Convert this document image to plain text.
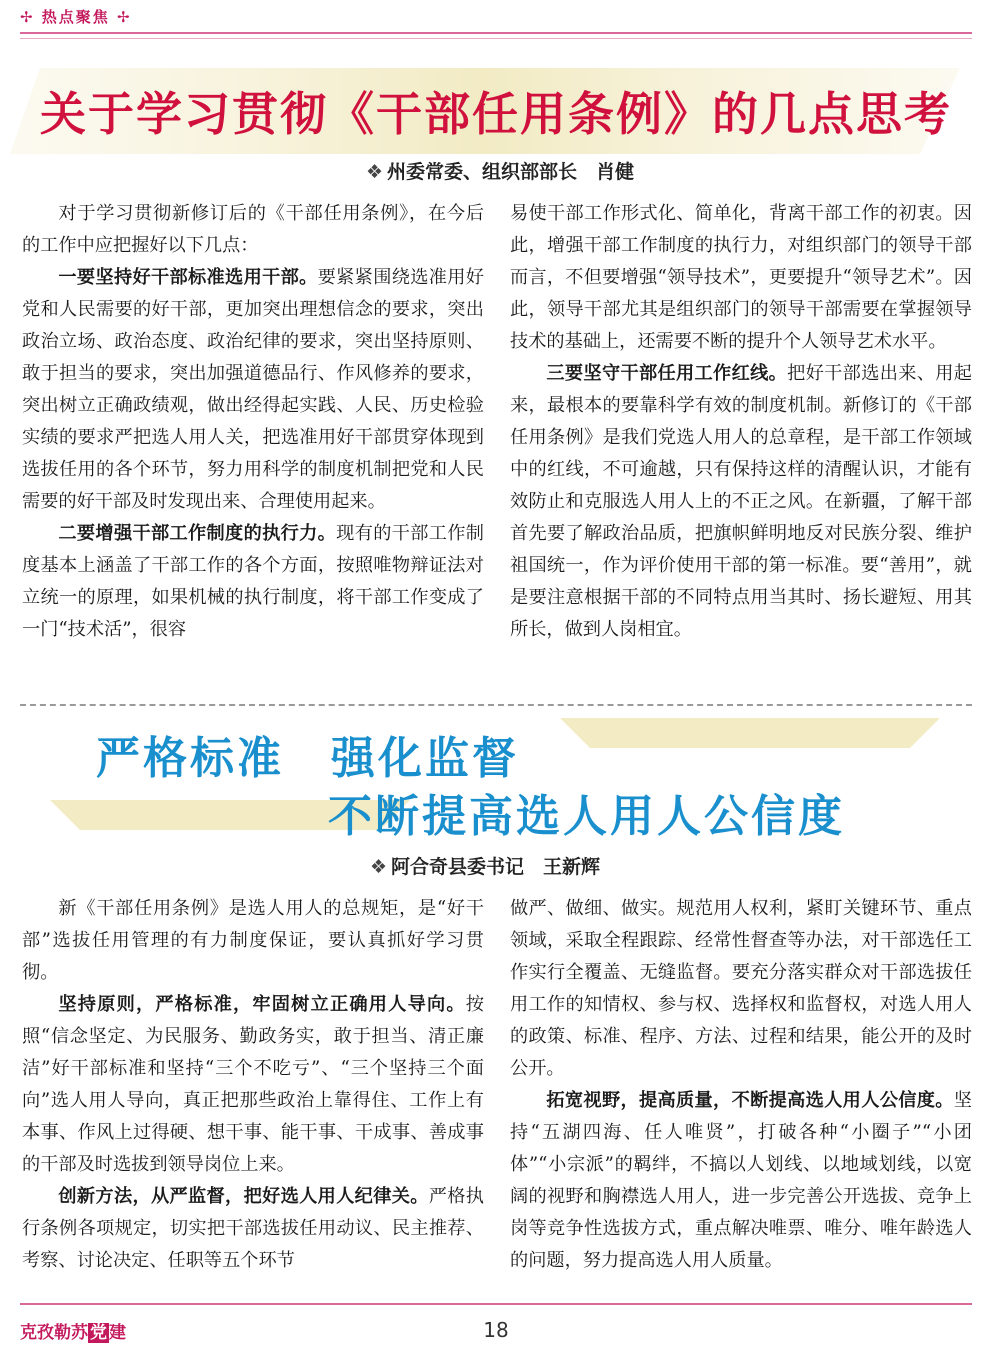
✢ 热点聚焦 ✢
关于学习贯彻《干部任用条例》的几点思考
❖ 州委常委、组织部部长　肖健

对于学习贯彻新修订后的《干部任用条例》，在今后的工作中应把握好以下几点：

一要坚持好干部标准选用干部。要紧紧围绕选准用好党和人民需要的好干部，更加突出理想信念的要求，突出政治立场、政治态度、政治纪律的要求，突出坚持原则、敢于担当的要求，突出加强道德品行、作风修养的要求，突出树立正确政绩观，做出经得起实践、人民、历史检验实绩的要求严把选人用人关，把选准用好干部贯穿体现到选拔任用的各个环节，努力用科学的制度机制把党和人民需要的好干部及时发现出来、合理使用起来。

二要增强干部工作制度的执行力。现有的干部工作制度基本上涵盖了干部工作的各个方面，按照唯物辩证法对立统一的原理，如果机械的执行制度，将干部工作变成了一门“技术活”，很容

易使干部工作形式化、简单化，背离干部工作的初衷。因此，增强干部工作制度的执行力，对组织部门的领导干部而言，不但要增强“领导技术”，更要提升“领导艺术”。因此，领导干部尤其是组织部门的领导干部需要在掌握领导技术的基础上，还需要不断的提升个人领导艺术水平。

三要坚守干部任用工作红线。把好干部选出来、用起来，最根本的要靠科学有效的制度机制。新修订的《干部任用条例》是我们党选人用人的总章程，是干部工作领域中的红线，不可逾越，只有保持这样的清醒认识，才能有效防止和克服选人用人上的不正之风。在新疆，了解干部首先要了解政治品质，把旗帜鲜明地反对民族分裂、维护祖国统一，作为评价使用干部的第一标准。要“善用”，就是要注意根据干部的不同特点用当其时、扬长避短、用其所长，做到人岗相宜。

严格标准　强化监督
不断提高选人用人公信度
❖ 阿合奇县委书记　王新辉

新《干部任用条例》是选人用人的总规矩，是“好干部”选拔任用管理的有力制度保证，要认真抓好学习贯彻。

坚持原则，严格标准，牢固树立正确用人导向。按照“信念坚定、为民服务、勤政务实，敢于担当、清正廉洁”好干部标准和坚持“三个不吃亏”、“三个坚持三个面向”选人用人导向，真正把那些政治上靠得住、工作上有本事、作风上过得硬、想干事、能干事、干成事、善成事的干部及时选拔到领导岗位上来。

创新方法，从严监督，把好选人用人纪律关。严格执行条例各项规定，切实把干部选拔任用动议、民主推荐、考察、讨论决定、任职等五个环节

做严、做细、做实。规范用人权利，紧盯关键环节、重点领域，采取全程跟踪、经常性督查等办法，对干部选任工作实行全覆盖、无缝监督。要充分落实群众对干部选拔任用工作的知情权、参与权、选择权和监督权，对选人用人的政策、标准、程序、方法、过程和结果，能公开的及时公开。

拓宽视野，提高质量，不断提高选人用人公信度。坚持“五湖四海、任人唯贤”，打破各种“小圈子”“小团体”“小宗派”的羁绊，不搞以人划线、以地域划线，以宽阔的视野和胸襟选人用人，进一步完善公开选拔、竞争上岗等竞争性选拔方式，重点解决唯票、唯分、唯年龄选人的问题，努力提高选人用人质量。

克孜勒苏 党 建	18
